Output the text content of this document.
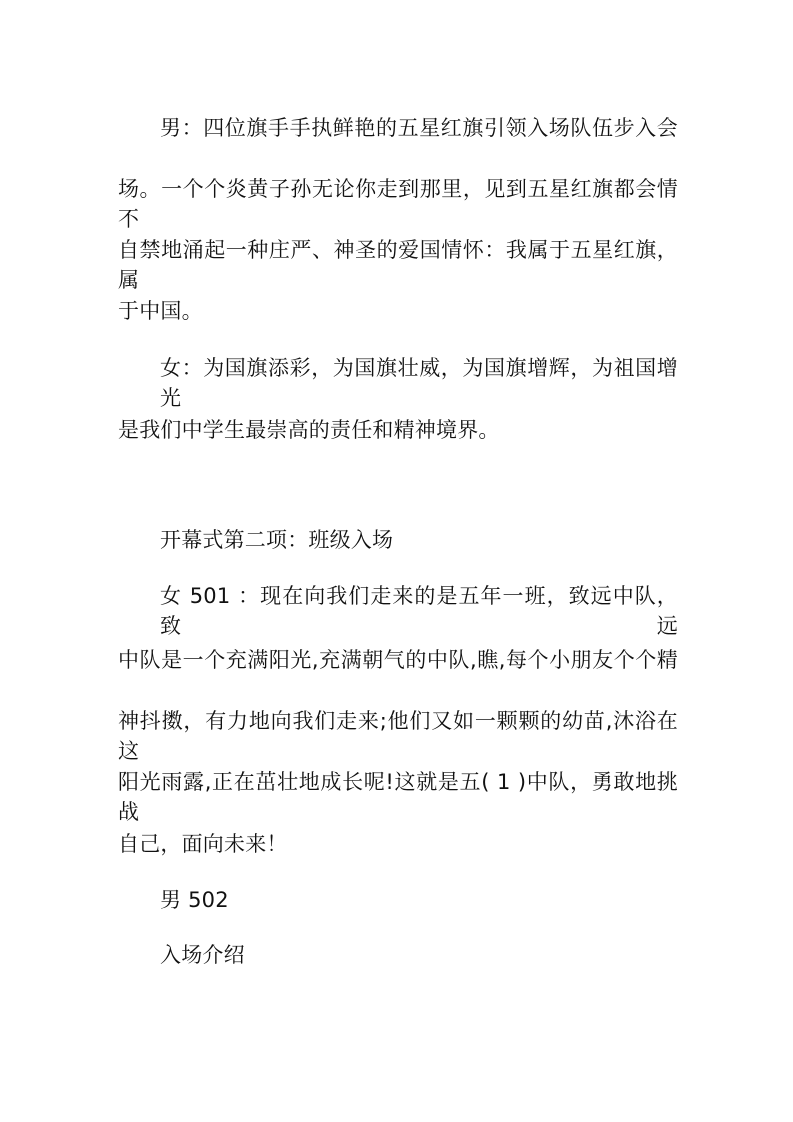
男：四位旗手手执鲜艳的五星红旗引领入场队伍步入会
场。一个个炎黄子孙无论你走到那里，见到五星红旗都会情不
自禁地涌起一种庄严、神圣的爱国情怀：我属于五星红旗，属
于中国。
女：为国旗添彩，为国旗壮威，为国旗增辉，为祖国增光
是我们中学生最崇高的责任和精神境界。
开幕式第二项：班级入场
女 501 ：现在向我们走来的是五年一班，致远中队，致远
中队是一个充满阳光,充满朝气的中队,瞧,每个小朋友个个精
神抖擞，有力地向我们走来;他们又如一颗颗的幼苗,沐浴在这
阳光雨露,正在茁壮地成长呢!这就是五( 1 )中队，勇敢地挑战
自己，面向未来！
男 502
入场介绍
